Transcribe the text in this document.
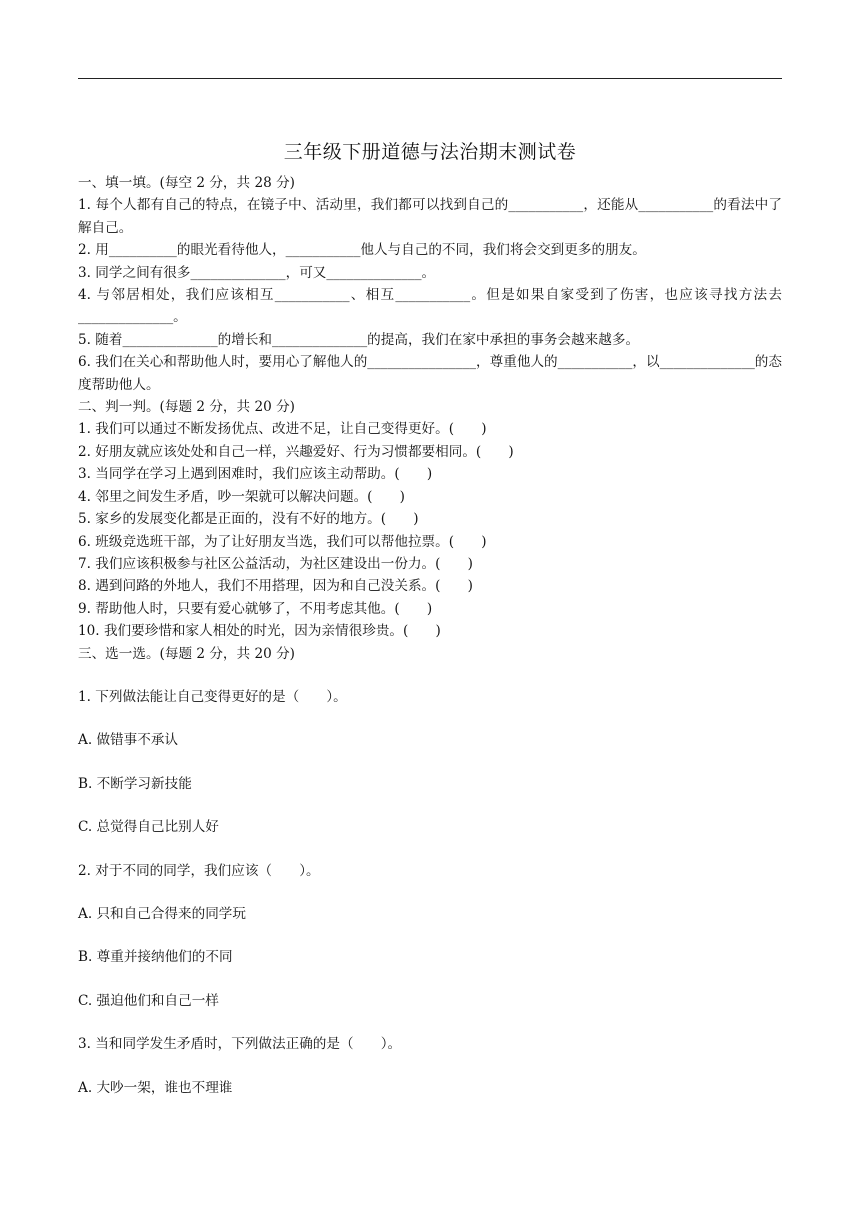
三年级下册道德与法治期末测试卷

一、填一填。(每空 2 分，共 28 分)

1. 每个人都有自己的特点，在镜子中、活动里，我们都可以找到自己的___________，还能从___________的看法中了解自己。

2. 用__________的眼光看待他人，___________他人与自己的不同，我们将会交到更多的朋友。

3. 同学之间有很多______________，可又______________。

4. 与邻居相处，我们应该相互___________、相互___________。但是如果自家受到了伤害，也应该寻找方法去______________。

5. 随着______________的增长和______________的提高，我们在家中承担的事务会越来越多。

6. 我们在关心和帮助他人时，要用心了解他人的________________，尊重他人的___________，以______________的态度帮助他人。

二、判一判。(每题 2 分，共 20 分)

1. 我们可以通过不断发扬优点、改进不足，让自己变得更好。(　　)

2. 好朋友就应该处处和自己一样，兴趣爱好、行为习惯都要相同。(　　)

3. 当同学在学习上遇到困难时，我们应该主动帮助。(　　)

4. 邻里之间发生矛盾，吵一架就可以解决问题。(　　)

5. 家乡的发展变化都是正面的，没有不好的地方。(　　)

6. 班级竞选班干部，为了让好朋友当选，我们可以帮他拉票。(　　)

7. 我们应该积极参与社区公益活动，为社区建设出一份力。(　　)

8. 遇到问路的外地人，我们不用搭理，因为和自己没关系。(　　)

9. 帮助他人时，只要有爱心就够了，不用考虑其他。(　　)

10. 我们要珍惜和家人相处的时光，因为亲情很珍贵。(　　)

三、选一选。(每题 2 分，共 20 分)

1. 下列做法能让自己变得更好的是（　　）。

A. 做错事不承认

B. 不断学习新技能

C. 总觉得自己比别人好

2. 对于不同的同学，我们应该（　　）。

A. 只和自己合得来的同学玩

B. 尊重并接纳他们的不同

C. 强迫他们和自己一样

3. 当和同学发生矛盾时，下列做法正确的是（　　）。

A. 大吵一架，谁也不理谁
